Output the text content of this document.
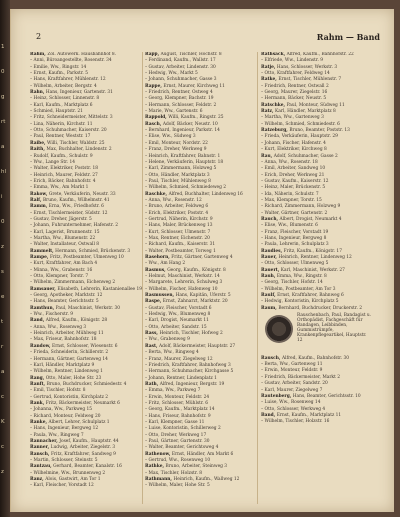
1
0
g
rt
a
hl
i
0
z
s
e
t
r
a
c
K
c
z
2	Rahm — Band

Rahm, Zol. Autowerk. Hausbahnhof 8.

– Anni, Büroangestellte, Rosenstr. 34

– Emilie, Ww., Ringstr. 14

– Ernst, Kaufm., Parkstr. 5

– Hans, Kraftfahrer, Mühlenstr. 12

– Wilhelm, Arbeiter, Bergstr. 4

Rahn, Hans, Ingenieur, Gartenstr. 31

– Heinz, Schlosser, Linnenstr. 8

– Karl, Kaufm., Marktplatz 6

– Schmied, Hauptstr. 21

– Fritz, Schneidermeister, Mittelstr. 3

– Lina, Näherin, Kirchstr. 11

– Otto, Schuhmacher, Kaiserstr. 20

– Paul, Rentner, Weststr. 17

Raibe, Willi, Tischler, Waldstr. 25

Raith, Max, Buchhalter, Lindenstr. 2

– Rudolf, Kaufm., Schulstr. 9

– Ww., Lange Str. 14

– Walter, Elektriker, Poststr. 18

– Heinrich, Maurer, Feldstr. 27

– Erich, Bäcker, Bahnhofstr. 4

– Emma, Ww., Am Markt 1

Rakow, Grete, Verkäuferin, Neustr. 33

Ralf, Bruno, Kaufm., Wilhelmstr. 41

Ramm, Erna, Ww., Friedhofstr. 6

– Ernst, Tischlermeister, Südstr. 12

– Gustav, Dreher, Jägerstr. 5

– Johann, Fuhrunternehmer, Hafenstr. 2

– Karl, Lagerist, Brunnenstr. 15

– Martha, Ww., Blumenstr. 22

– Walter, Installateur, Ostwall 8

Rammelt, Hermann, Schmied, Brückenstr. 3

Rampe, Fritz, Postbeamter, Ulmenweg 10

– Kurt, Kraftfahrer, Am Bach 4

– Minna, Ww., Grabenstr. 16

– Otto, Klempner, Torstr. 7

– Wilhelm, Zimmermann, Eichenweg 2

Ramsauer, Elisabeth, Lehrerin, Kastanienallee 19

– Georg, Apotheker, Marktstr. 12

– Hans, Beamter, Gerichtsstr. 5

Ramthun, Paul, Maschinist, Werkstr. 30

– Ww., Fischerstr. 9

Rand, Alfred, Kaufm., Königstr. 28

– Anna, Ww., Rosenweg 3

– Heinrich, Arbeiter, Mühlweg 11

– Max, Friseur, Bahnhofstr. 18

Randow, Ernst, Schlosser, Wiesenstr. 6

– Frieda, Schneiderin, Schillerstr. 2

– Hermann, Gärtner, Gartenweg 14

– Karl, Händler, Marktplatz 9

– Wilhelm, Rentner, Lindenweg 1

Rang, Otto, Maler, Hohe Str. 23

Ranft, Bruno, Buchdrucker, Schmiedestr. 4

– Emil, Tischler, Hofstr. 8

– Gertrud, Kontoristin, Kirchplatz 2

Rank, Fritz, Bäckermeister, Neumarkt 6

– Johanna, Ww., Parkweg 15

– Richard, Monteur, Feldweg 20

Ranke, Albert, Lehrer, Schulplatz 1

– Hans, Ingenieur, Bergweg 12

– Paula, Ww., Ringweg 7

Rannacher, Josef, Kaufm., Hauptstr. 44

Ranner, Ludwig, Arbeiter, Ziegelstr. 3

Ransch, Fritz, Kraftfahrer, Sandweg 9

– Martin, Schlosser, Steinstr. 5

Rantzau, Gerhard, Beamter, Kanalstr. 16

– Wilhelmine, Ww., Brunnenweg 2

Ranz, Alois, Gastwirt, Am Tor 1

– Karl, Fleischer, Vorstadt 12

Rapp, August, Tischler, Hochstr. 8

– Ferdinand, Kaufm., Wallstr. 17

– Gustav, Arbeiter, Lindenstr. 30

– Hedwig, Ww., Markt 5

– Johann, Schuhmacher, Gasse 3

Rappe, Ernst, Maurer, Kirchweg 11

– Friedrich, Rentner, Ostweg 4

– Georg, Klempner, Bachstr. 19

– Hermann, Schlosser, Feldstr. 2

– Marie, Ww., Gartenstr. 6

Rappold, Willi, Kaufm., Ringstr. 25

Rasch, Adolf, Bäcker, Neustr. 10

– Bernhard, Ingenieur, Parkstr. 14

– Elise, Ww., Südweg 3

– Emil, Monteur, Nordstr. 22

– Franz, Dreher, Werkweg 9

– Heinrich, Kraftfahrer, Bahnstr. 1

– Helene, Verkäuferin, Hauptstr. 18

– Karl, Zimmermann, Holzweg 5

– Otto, Händler, Marktplatz 3

– Paul, Tischler, Mühlenweg 8

– Wilhelm, Schmied, Schmiedeweg 2

Raschke, Alfred, Buchhalter, Lindenweg 16

– Anna, Ww., Rosenstr. 12

– Bruno, Arbeiter, Feldweg 6

– Erich, Elektriker, Poststr. 4

– Gertrud, Näherin, Kirchstr. 9

– Hans, Maler, Brückenweg 13

– Kurt, Schlosser, Ulmenstr. 7

– Max, Rentner, Eichenstr. 20

– Richard, Kaufm., Kaiserstr. 31

– Walter, Postbeamter, Torweg 1

Rasehorn, Fritz, Gärtner, Gartenweg 4

– Ww., Am Hang 2

Rasmus, Georg, Kaufm., Königstr. 8

– Helmut, Maschinist, Werkstr. 14

– Margarete, Lehrerin, Schulweg 3

– Wilhelm, Fischer, Hafenweg 10

Rasmussen, Hans, Kapitän, Uferstr. 5

Raspe, Ernst, Zahnarzt, Marktstr. 20

– Gustav, Fleischer, Vorstadt 6

– Hedwig, Ww., Blumenweg 8

– Karl, Drogist, Neumarkt 11

– Otto, Arbeiter, Sandstr. 15

Rass, Heinrich, Tischler, Hofweg 2

– Ww., Grabenweg 9

Rast, Adolf, Bäckermeister, Hauptstr. 27

– Berta, Ww., Ringweg 4

– Franz, Maurer, Ziegelweg 12

– Friedrich, Kraftfahrer, Bahnhofweg 3

– Hermann, Schuhmacher, Kirchgasse 5

– Johann, Rentner, Lindenplatz 1

Rath, Alfred, Ingenieur, Bergstr. 19

– Emma, Ww., Parkweg 7

– Erwin, Monteur, Feldstr. 24

– Fritz, Schlosser, Mühlstr. 6

– Georg, Kaufm., Marktplatz 14

– Hans, Friseur, Bahnhofstr. 9

– Karl, Klempner, Gasse 11

– Luise, Kontoristin, Schillerweg 2

– Otto, Dreher, Werkweg 17

– Paul, Gärtner, Gartenstr. 30

– Walter, Beamter, Gerichtsweg 4

Rathenow, Ernst, Händler, Am Markt 6

– Gertrud, Ww., Rosenweg 10

Rathke, Bruno, Arbeiter, Steinweg 3

– Max, Tischler, Holzstr. 8

Rathmann, Heinrich, Kaufm., Wallweg 12

– Wilhelm, Maler, Hohe Str. 5

Rathsack, Alfred, Kaufm., Bahnhofstr. 22

– Elfriede, Ww., Lindenstr. 9

Ratje, Hans, Schlosser, Werkstr. 3

– Otto, Kraftfahrer, Feldweg 14

Ratke, Ernst, Tischler, Mühlenstr. 7

– Friedrich, Rentner, Ostwall 2

– Georg, Maurer, Ziegelstr. 16

– Hermann, Bäcker, Neustr. 5

Ratschke, Paul, Monteur, Südweg 11

Ratz, Karl, Händler, Marktplatz 8

– Martha, Ww., Gartenweg 3

– Wilhelm, Schmied, Schmiedestr. 6

Ratzeburg, Bruno, Beamter, Poststr. 13

– Frieda, Verkäuferin, Hauptstr. 29

– Johann, Fischer, Hafenstr. 4

– Kurt, Elektriker, Kirchweg 8

Rau, Adolf, Schuhmacher, Gasse 2

– Anna, Ww., Rosenstr. 18

– Emil, Arbeiter, Sandweg 10

– Erich, Dreher, Werkweg 21

– Gustav, Kaufm., Kaiserstr. 12

– Heinz, Maler, Brückenstr. 5

– Ida, Näherin, Schulstr. 7

– Max, Klempner, Torstr. 15

– Richard, Zimmermann, Holzweg 9

– Walter, Gärtner, Gartenstr. 2

Rauch, Albert, Drogist, Neumarkt 4

– Elise, Ww., Blumenstr. 6

– Franz, Fleischer, Vorstadt 19

– Hans, Ingenieur, Bergweg 8

– Paula, Lehrerin, Schulplatz 3

Raudies, Fritz, Kaufm., Königstr. 17

Rauer, Heinrich, Rentner, Lindenweg 12

– Otto, Schlosser, Ulmenweg 5

Rauert, Karl, Maschinist, Werkstr. 27

Rauh, Emma, Ww., Ringstr. 8

– Georg, Tischler, Hofstr. 14

– Wilhelm, Postbeamter, Am Tor 3

Raulf, Ernst, Kraftfahrer, Bahnweg 6

– Hedwig, Kontoristin, Kirchplatz 5

Raum, Bernhard, Buchdrucker, Druckerstr. 2

Rauschenbach, Paul, Bandagist u. Orthopädist, Fachgeschäft für Bandagen, Leibbinden, Gummistrümpfe, Krankenpflegeartikel, Hauptstr. 12

Rausch, Alfred, Kaufm., Bahnhofstr. 30

– Berta, Ww., Gartenweg 11

– Erwin, Monteur, Feldstr. 9

– Friedrich, Bäckermeister, Markt 2

– Gustav, Arbeiter, Sandstr. 20

– Karl, Maurer, Ziegelweg 7

Rautenberg, Hans, Beamter, Gerichtsstr. 10

– Luise, Ww., Rosenweg 14

– Otto, Schlosser, Werkweg 4

Band, Ernst, Kaufm., Marktplatz 11

– Wilhelm, Tischler, Holzstr. 16
